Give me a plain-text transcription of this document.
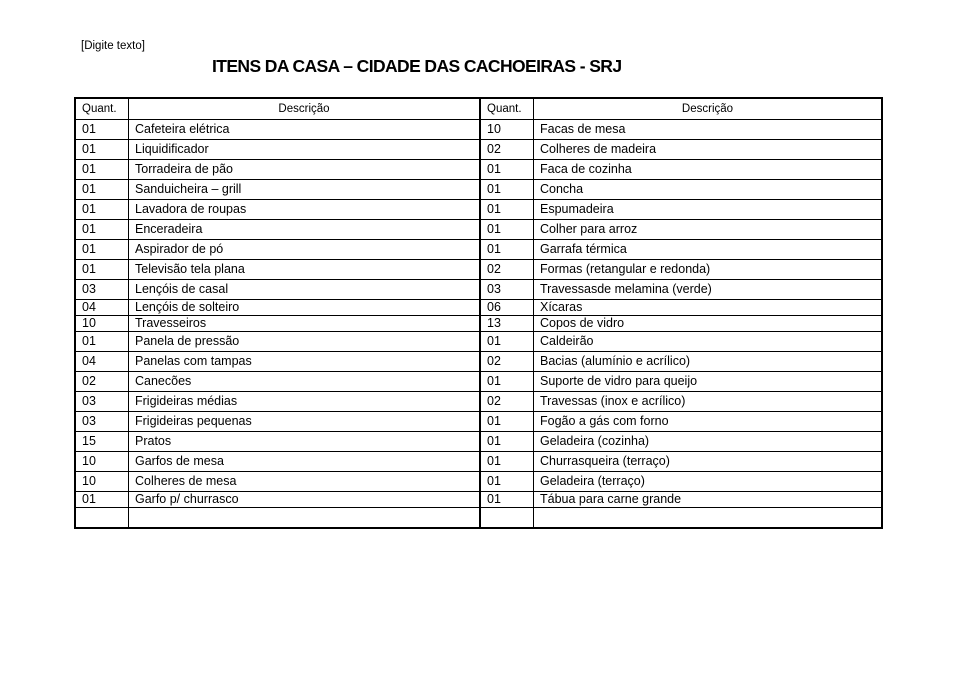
[Digite texto]
ITENS DA CASA – CIDADE DAS CACHOEIRAS - SRJ
Quant.	Descrição	Quant.	Descrição
01	Cafeteira elétrica	10	Facas de mesa
01	Liquidificador	02	Colheres de madeira
01	Torradeira de pão	01	Faca de cozinha
01	Sanduicheira – grill	01	Concha
01	Lavadora de roupas	01	Espumadeira
01	Enceradeira	01	Colher para arroz
01	Aspirador de pó	01	Garrafa térmica
01	Televisão tela plana	02	Formas (retangular e redonda)
03	Lençóis de casal	03	Travessasde melamina (verde)
04	Lençóis de solteiro	06	Xícaras
10	Travesseiros	13	Copos de vidro
01	Panela de pressão	01	Caldeirão
04	Panelas com tampas	02	Bacias (alumínio e acrílico)
02	Canecões	01	Suporte de vidro para queijo
03	Frigideiras médias	02	Travessas (inox e acrílico)
03	Frigideiras pequenas	01	Fogão a gás com forno
15	Pratos	01	Geladeira (cozinha)
10	Garfos de mesa	01	Churrasqueira (terraço)
10	Colheres de mesa	01	Geladeira (terraço)
01	Garfo p/ churrasco	01	Tábua para carne grande
